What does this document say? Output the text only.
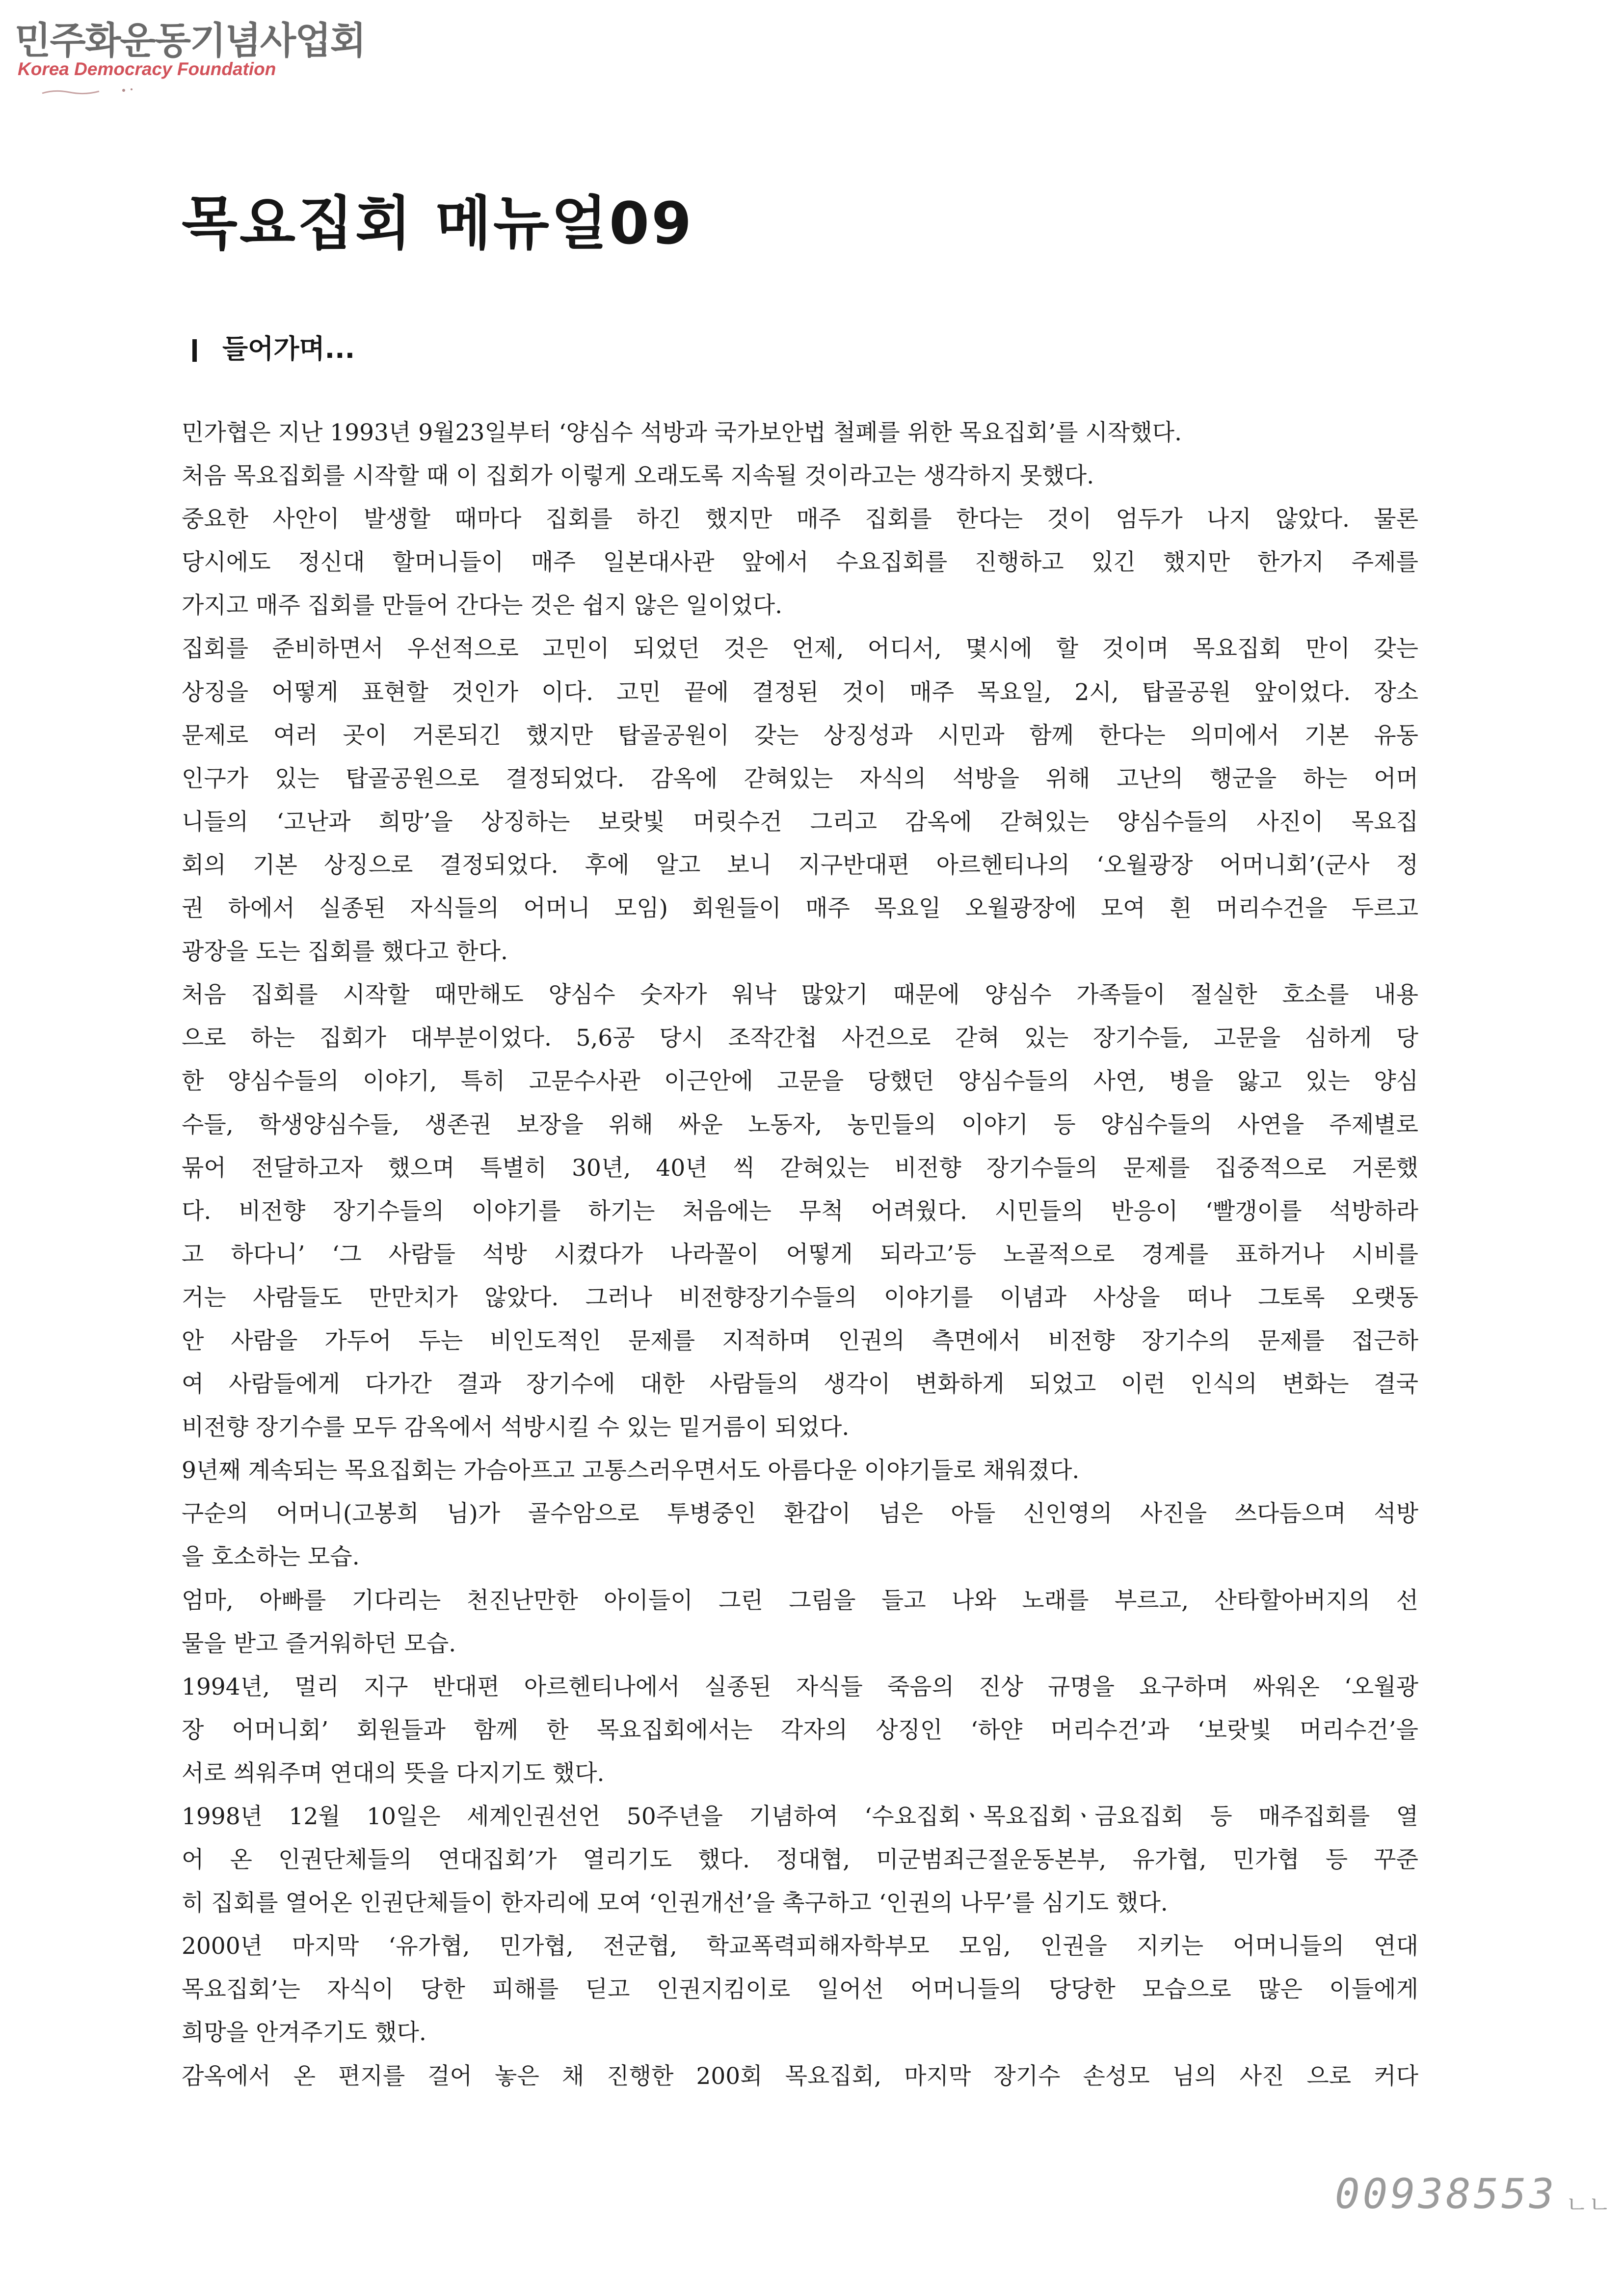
민주화운동기념사업회
Korea Democracy Foundation
목요집회 메뉴얼09
들어가며...
민가협은 지난 1993년 9월23일부터 ‘양심수 석방과 국가보안법 철폐를 위한 목요집회’를 시작했다.
처음 목요집회를 시작할 때 이 집회가 이렇게 오래도록 지속될 것이라고는 생각하지 못했다.
중요한 사안이 발생할 때마다 집회를 하긴 했지만 매주 집회를 한다는 것이 엄두가 나지 않았다. 물론
당시에도 정신대 할머니들이 매주 일본대사관 앞에서 수요집회를 진행하고 있긴 했지만 한가지 주제를
가지고 매주 집회를 만들어 간다는 것은 쉽지 않은 일이었다.
집회를 준비하면서 우선적으로 고민이 되었던 것은 언제, 어디서, 몇시에 할 것이며 목요집회 만이 갖는
상징을 어떻게 표현할 것인가 이다. 고민 끝에 결정된 것이 매주 목요일, 2시, 탑골공원 앞이었다. 장소
문제로 여러 곳이 거론되긴 했지만 탑골공원이 갖는 상징성과 시민과 함께 한다는 의미에서 기본 유동
인구가 있는 탑골공원으로 결정되었다. 감옥에 갇혀있는 자식의 석방을 위해 고난의 행군을 하는 어머
니들의 ‘고난과 희망’을 상징하는 보랏빛 머릿수건 그리고 감옥에 갇혀있는 양심수들의 사진이 목요집
회의 기본 상징으로 결정되었다. 후에 알고 보니 지구반대편 아르헨티나의 ‘오월광장 어머니회’(군사 정
권 하에서 실종된 자식들의 어머니 모임) 회원들이 매주 목요일 오월광장에 모여 흰 머리수건을 두르고
광장을 도는 집회를 했다고 한다.
처음 집회를 시작할 때만해도 양심수 숫자가 워낙 많았기 때문에 양심수 가족들이 절실한 호소를 내용
으로 하는 집회가 대부분이었다. 5,6공 당시 조작간첩 사건으로 갇혀 있는 장기수들, 고문을 심하게 당
한 양심수들의 이야기, 특히 고문수사관 이근안에 고문을 당했던 양심수들의 사연, 병을 앓고 있는 양심
수들, 학생양심수들, 생존권 보장을 위해 싸운 노동자, 농민들의 이야기 등 양심수들의 사연을 주제별로
묶어 전달하고자 했으며 특별히 30년, 40년 씩 갇혀있는 비전향 장기수들의 문제를 집중적으로 거론했
다. 비전향 장기수들의 이야기를 하기는 처음에는 무척 어려웠다. 시민들의 반응이 ‘빨갱이를 석방하라
고 하다니’ ‘그 사람들 석방 시켰다가 나라꼴이 어떻게 되라고’등 노골적으로 경계를 표하거나 시비를
거는 사람들도 만만치가 않았다. 그러나 비전향장기수들의 이야기를 이념과 사상을 떠나 그토록 오랫동
안 사람을 가두어 두는 비인도적인 문제를 지적하며 인권의 측면에서 비전향 장기수의 문제를 접근하
여 사람들에게 다가간 결과 장기수에 대한 사람들의 생각이 변화하게 되었고 이런 인식의 변화는 결국
비전향 장기수를 모두 감옥에서 석방시킬 수 있는 밑거름이 되었다.
9년째 계속되는 목요집회는 가슴아프고 고통스러우면서도 아름다운 이야기들로 채워졌다.
구순의 어머니(고봉희 님)가 골수암으로 투병중인 환갑이 넘은 아들 신인영의 사진을 쓰다듬으며 석방
을 호소하는 모습.
엄마, 아빠를 기다리는 천진난만한 아이들이 그린 그림을 들고 나와 노래를 부르고, 산타할아버지의 선
물을 받고 즐거워하던 모습.
1994년, 멀리 지구 반대편 아르헨티나에서 실종된 자식들 죽음의 진상 규명을 요구하며 싸워온 ‘오월광
장 어머니회’ 회원들과 함께 한 목요집회에서는 각자의 상징인 ‘하얀 머리수건’과 ‘보랏빛 머리수건’을
서로 씌워주며 연대의 뜻을 다지기도 했다.
1998년 12월 10일은 세계인권선언 50주년을 기념하여 ‘수요집회ㆍ목요집회ㆍ금요집회 등 매주집회를 열
어 온 인권단체들의 연대집회’가 열리기도 했다. 정대협, 미군범죄근절운동본부, 유가협, 민가협 등 꾸준
히 집회를 열어온 인권단체들이 한자리에 모여 ‘인권개선’을 촉구하고 ‘인권의 나무’를 심기도 했다.
2000년 마지막 ‘유가협, 민가협, 전군협, 학교폭력피해자학부모 모임, 인권을 지키는 어머니들의 연대
목요집회’는 자식이 당한 피해를 딛고 인권지킴이로 일어선 어머니들의 당당한 모습으로 많은 이들에게
희망을 안겨주기도 했다.
감옥에서 온 편지를 걸어 놓은 채 진행한 200회 목요집회, 마지막 장기수 손성모 님의 사진 으로 커다
00938553 ㄴㄴ
